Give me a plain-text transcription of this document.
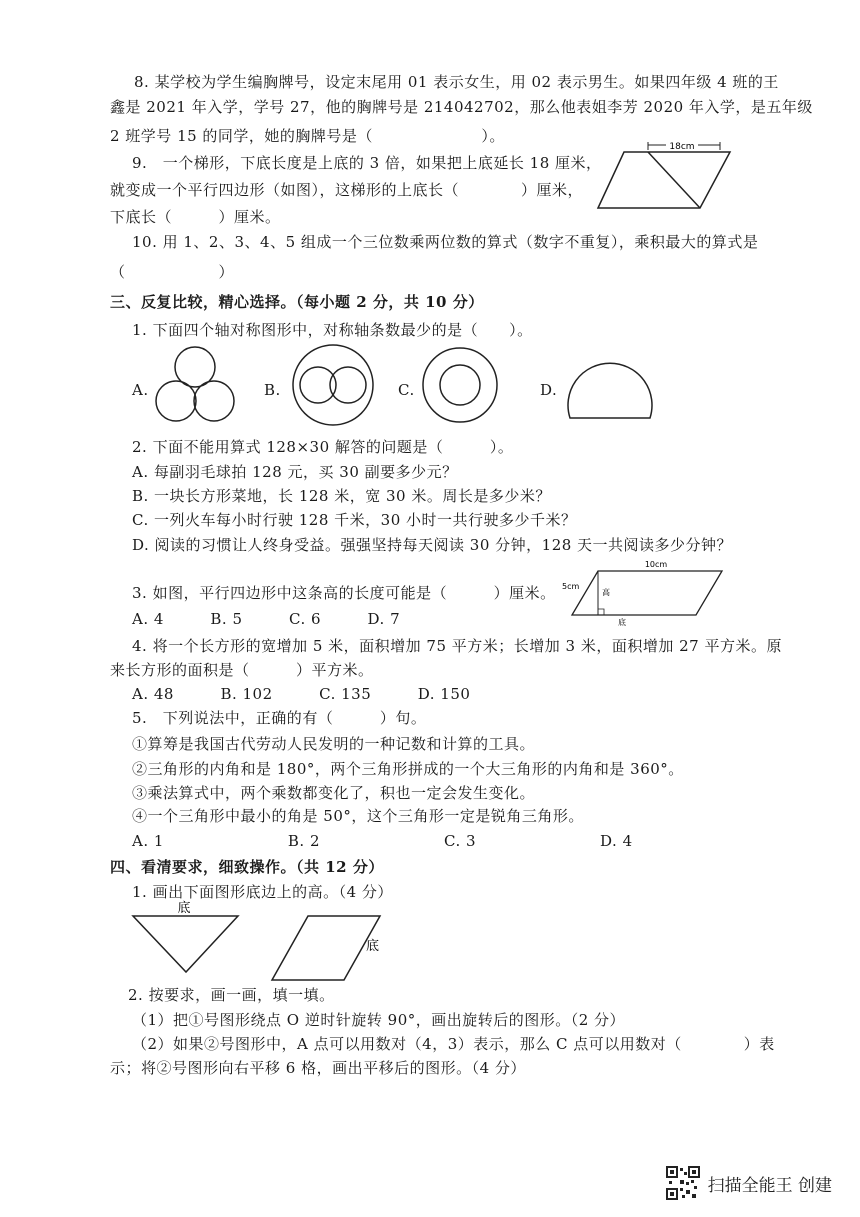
8. 某学校为学生编胸牌号，设定末尾用 01 表示女生，用 02 表示男生。如果四年级 4 班的王
鑫是 2021 年入学，学号 27，他的胸牌号是 214042702，那么他表姐李芳 2020 年入学，是五年级
2 班学号 15 的同学，她的胸牌号是（　　　　　　　）。
9.　一个梯形，下底长度是上底的 3 倍，如果把上底延长 18 厘米，
就变成一个平行四边形（如图），这梯形的上底长（　　　　）厘米，
下底长（　　　）厘米。
18cm
10. 用 1、2、3、4、5 组成一个三位数乘两位数的算式（数字不重复），乘积最大的算式是
（　　　　　　）
三、反复比较，精心选择。（每小题 2 分，共 10 分）
1. 下面四个轴对称图形中，对称轴条数最少的是（　　）。
A.	B.	C.	D.
2. 下面不能用算式 128×30 解答的问题是（　　　）。
A. 每副羽毛球拍 128 元，买 30 副要多少元？
B. 一块长方形菜地，长 128 米，宽 30 米。周长是多少米？
C. 一列火车每小时行驶 128 千米，30 小时一共行驶多少千米？
D. 阅读的习惯让人终身受益。强强坚持每天阅读 30 分钟，128 天一共阅读多少分钟？
3. 如图，平行四边形中这条高的长度可能是（　　　）厘米。
A. 4　　　B. 5　　　C. 6　　　D. 7
10cm
5cm
高
底
4. 将一个长方形的宽增加 5 米，面积增加 75 平方米；长增加 3 米，面积增加 27 平方米。原
来长方形的面积是（　　　）平方米。
A. 48　　　B. 102　　　C. 135　　　D. 150
5.　下列说法中，正确的有（　　　）句。
①算筹是我国古代劳动人民发明的一种记数和计算的工具。
②三角形的内角和是 180°，两个三角形拼成的一个大三角形的内角和是 360°。
③乘法算式中，两个乘数都变化了，积也一定会发生变化。
④一个三角形中最小的角是 50°，这个三角形一定是锐角三角形。
A. 1　　　　　　　　B. 2　　　　　　　　C. 3　　　　　　　　D. 4
四、看清要求，细致操作。（共 12 分）
1. 画出下面图形底边上的高。（4 分）
底
底
2. 按要求，画一画，填一填。
（1）把①号图形绕点 O 逆时针旋转 90°，画出旋转后的图形。（2 分）
（2）如果②号图形中，A 点可以用数对（4，3）表示，那么 C 点可以用数对（　　　　）表
示；将②号图形向右平移 6 格，画出平移后的图形。（4 分）
扫描全能王 创建
